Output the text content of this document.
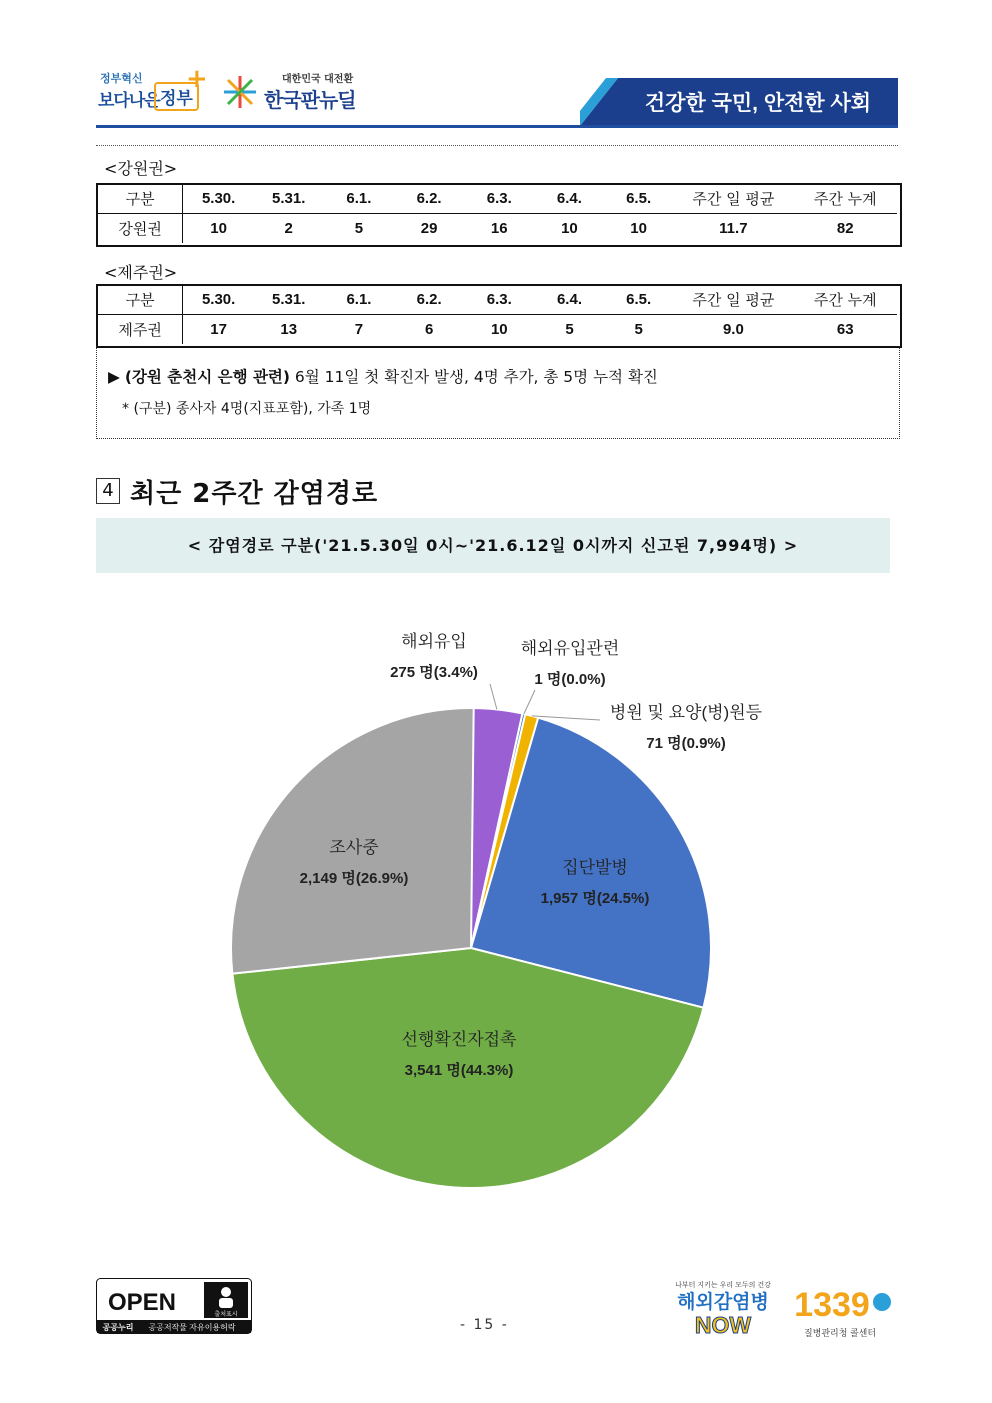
정부혁신
보다나은 정부
+	대한민국 대전환
한국판뉴딜	건강한 국민, 안전한 사회
<강원권>
구분	5.30.	5.31.	6.1.	6.2.	6.3.	6.4.	6.5.	주간 일 평균	주간 누계
강원권	10	2	5	29	16	10	10	11.7	82
<제주권>
구분	5.30.	5.31.	6.1.	6.2.	6.3.	6.4.	6.5.	주간 일 평균	주간 누계
제주권	17	13	7	6	10	5	5	9.0	63
▶ (강원 춘천시 은행 관련) 6월 11일 첫 확진자 발생, 4명 추가, 총 5명 누적 확진
* (구분) 종사자 4명(지표포함), 가족 1명
4 최근 2주간 감염경로
< 감염경로 구분('21.5.30일 0시~'21.6.12일 0시까지 신고된 7,994명) >
해외유입
275 명(3.4%)
해외유입관련
1 명(0.0%)
병원 및 요양(병)원등
71 명(0.9%)
집단발병
1,957 명(24.5%)
선행확진자접촉
3,541 명(44.3%)
조사중
2,149 명(26.9%)
OPEN	출처표시
공공누리 공공저작물 자유이용허락	- 15 -
나부터 지키는 우리 모두의 건강
해외감염병
NOW
1339
질병관리청 콜센터
